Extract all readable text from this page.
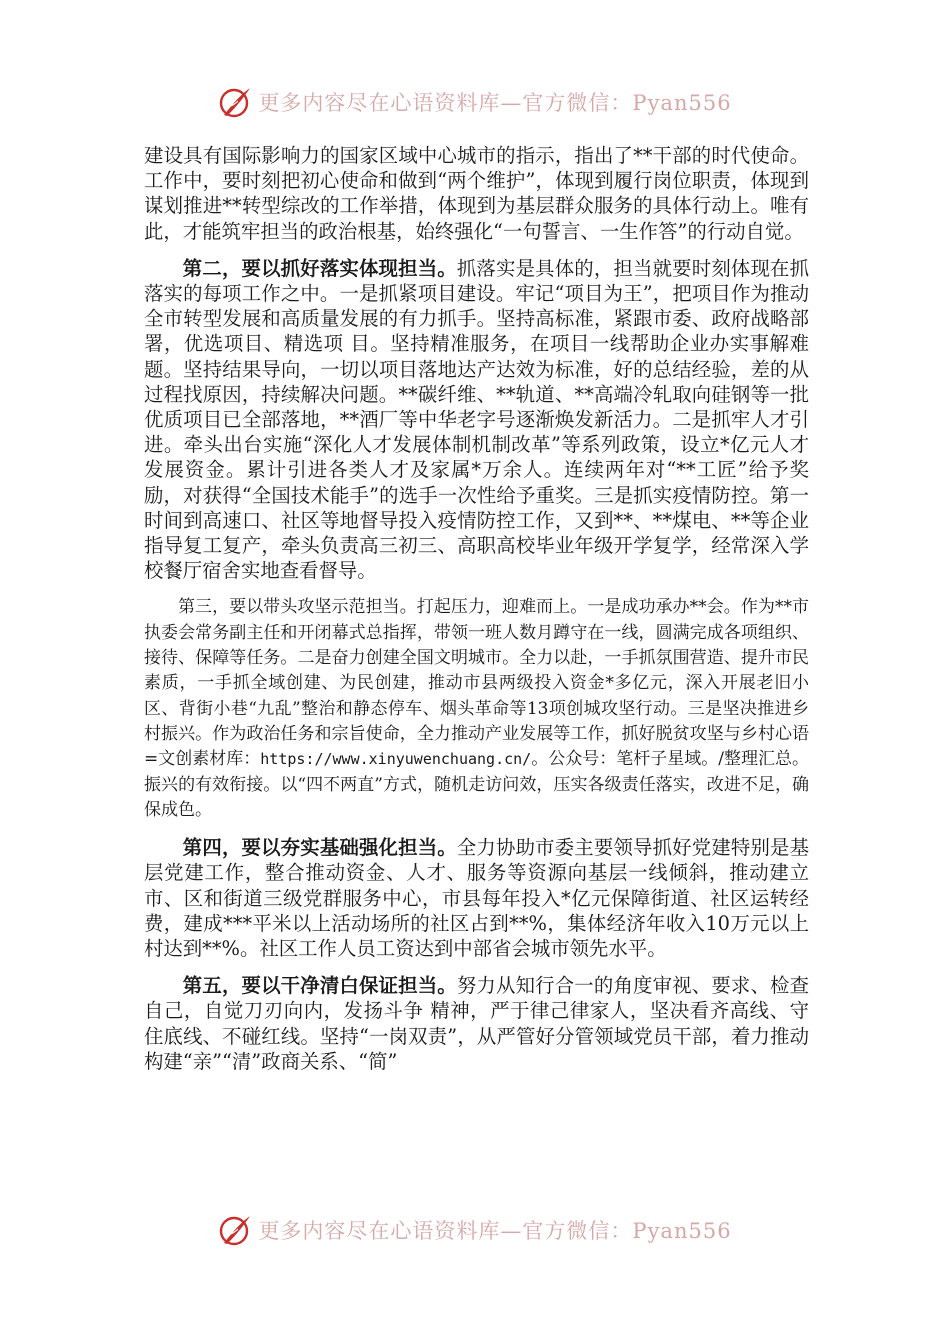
更多内容尽在心语资料库—官方微信：Pyan556

建设具有国际影响力的国家区域中心城市的指示，指出了**干部的时代使命。工作中，要时刻把初心使命和做到“两个维护”，体现到履行岗位职责，体现到谋划推进**转型综改的工作举措，体现到为基层群众服务的具体行动上。唯有此，才能筑牢担当的政治根基，始终强化“一句誓言、一生作答”的行动自觉。

第二，要以抓好落实体现担当。抓落实是具体的，担当就要时刻体现在抓落实的每项工作之中。一是抓紧项目建设。牢记“项目为王”，把项目作为推动全市转型发展和高质量发展的有力抓手。坚持高标准，紧跟市委、政府战略部署，优选项目、精选项 目。坚持精准服务，在项目一线帮助企业办实事解难题。坚持结果导向，一切以项目落地达产达效为标准，好的总结经验，差的从过程找原因，持续解决问题。**碳纤维、**轨道、**高端冷轧取向硅钢等一批优质项目已全部落地，**酒厂等中华老字号逐渐焕发新活力。二是抓牢人才引进。牵头出台实施“深化人才发展体制机制改革”等系列政策，设立*亿元人才发展资金。累计引进各类人才及家属*万余人。连续两年对“**工匠”给予奖励，对获得“全国技术能手”的选手一次性给予重奖。三是抓实疫情防控。第一时间到高速口、社区等地督导投入疫情防控工作，又到**、**煤电、**等企业指导复工复产，牵头负责高三初三、高职高校毕业年级开学复学，经常深入学校餐厅宿舍实地查看督导。

第三，要以带头攻坚示范担当。打起压力，迎难而上。一是成功承办**会。作为**市执委会常务副主任和开闭幕式总指挥，带领一班人数月蹲守在一线，圆满完成各项组织、接待、保障等任务。二是奋力创建全国文明城市。全力以赴，一手抓氛围营造、提升市民素质，一手抓全域创建、为民创建，推动市县两级投入资金*多亿元，深入开展老旧小区、背街小巷“九乱”整治和静态停车、烟头革命等13项创城攻坚行动。三是坚决推进乡村振兴。作为政治任务和宗旨使命，全力推动产业发展等工作，抓好脱贫攻坚与乡村心语=文创素材库：https://www.xinyuwenchuang.cn/。公众号：笔杆子星域。/整理汇总。振兴的有效衔接。以“四不两直”方式，随机走访问效，压实各级责任落实，改进不足，确保成色。

第四，要以夯实基础强化担当。全力协助市委主要领导抓好党建特别是基层党建工作，整合推动资金、人才、服务等资源向基层一线倾斜，推动建立市、区和街道三级党群服务中心，市县每年投入*亿元保障街道、社区运转经费，建成***平米以上活动场所的社区占到**%，集体经济年收入10万元以上村达到**%。社区工作人员工资达到中部省会城市领先水平。

第五，要以干净清白保证担当。努力从知行合一的角度审视、要求、检查自己，自觉刀刃向内，发扬斗争 精神，严于律己律家人，坚决看齐高线、守住底线、不碰红线。坚持“一岗双责”，从严管好分管领域党员干部，着力推动构建“亲”“清”政商关系、“简”

更多内容尽在心语资料库—官方微信：Pyan556
